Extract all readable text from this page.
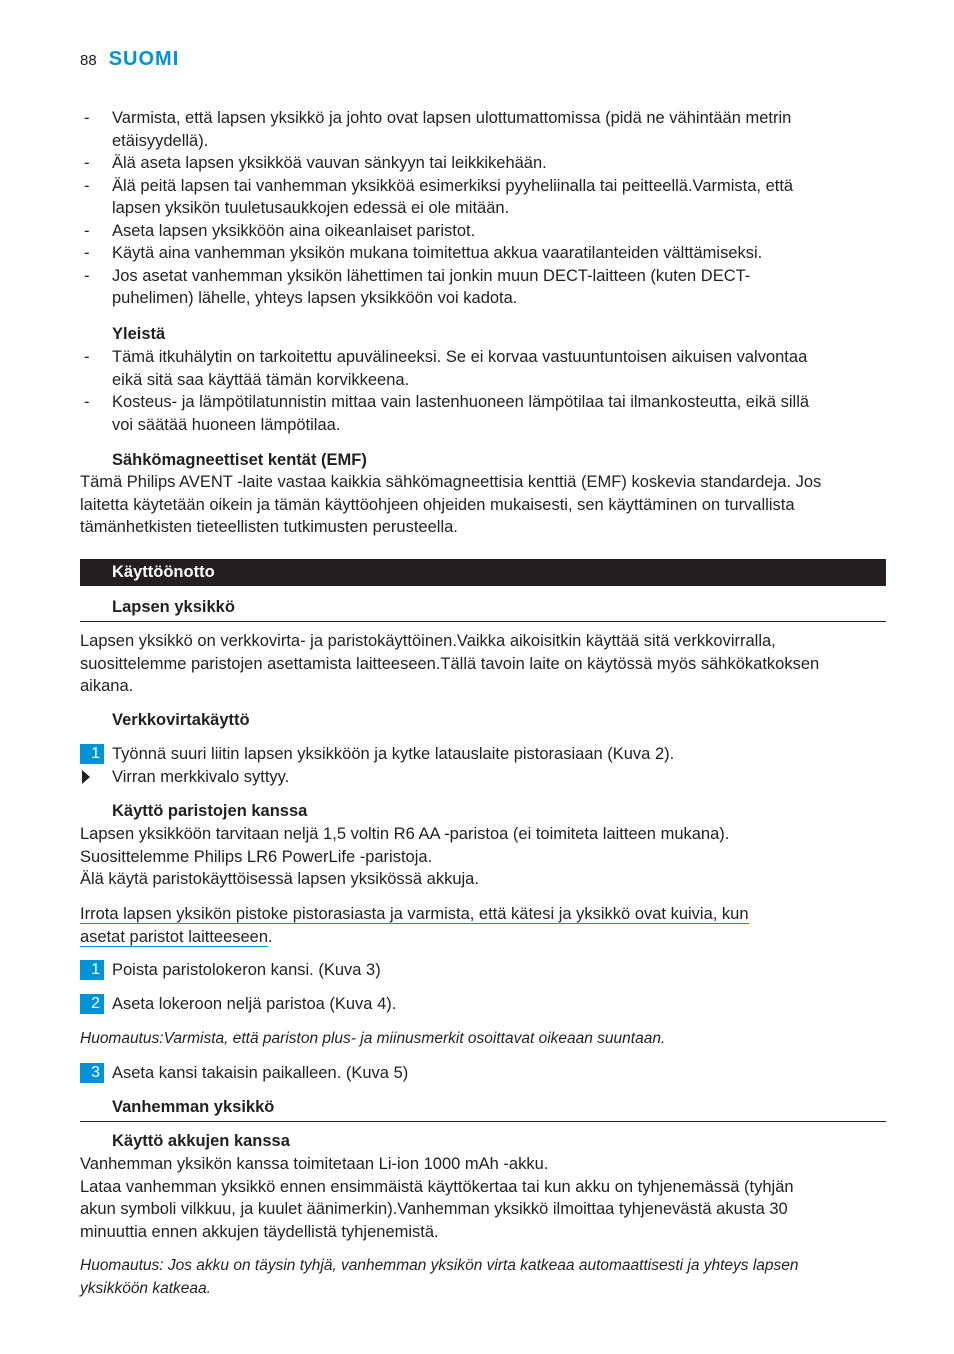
88 SUOMI
- Varmista, että lapsen yksikkö ja johto ovat lapsen ulottumattomissa (pidä ne vähintään metrin
etäisyydellä).
- Älä aseta lapsen yksikköä vauvan sänkyyn tai leikkikehään.
- Älä peitä lapsen tai vanhemman yksikköä esimerkiksi pyyheliinalla tai peitteellä.Varmista, että
lapsen yksikön tuuletusaukkojen edessä ei ole mitään.
- Aseta lapsen yksikköön aina oikeanlaiset paristot.
- Käytä aina vanhemman yksikön mukana toimitettua akkua vaaratilanteiden välttämiseksi.
- Jos asetat vanhemman yksikön lähettimen tai jonkin muun DECT-laitteen (kuten DECT-
puhelimen) lähelle, yhteys lapsen yksikköön voi kadota.
Yleistä
- Tämä itkuhälytin on tarkoitettu apuvälineeksi. Se ei korvaa vastuuntuntoisen aikuisen valvontaa
eikä sitä saa käyttää tämän korvikkeena.
- Kosteus- ja lämpötilatunnistin mittaa vain lastenhuoneen lämpötilaa tai ilmankosteutta, eikä sillä
voi säätää huoneen lämpötilaa.
Sähkömagneettiset kentät (EMF)
Tämä Philips AVENT -laite vastaa kaikkia sähkömagneettisia kenttiä (EMF) koskevia standardeja. Jos
laitetta käytetään oikein ja tämän käyttöohjeen ohjeiden mukaisesti, sen käyttäminen on turvallista
tämänhetkisten tieteellisten tutkimusten perusteella.
Käyttöönotto
Lapsen yksikkö
Lapsen yksikkö on verkkovirta- ja paristokäyttöinen.Vaikka aikoisitkin käyttää sitä verkkovirralla,
suosittelemme paristojen asettamista laitteeseen.Tällä tavoin laite on käytössä myös sähkökatkoksen
aikana.
Verkkovirtakäyttö
1 Työnnä suuri liitin lapsen yksikköön ja kytke latauslaite pistorasiaan (Kuva 2).
Virran merkkivalo syttyy.
Käyttö paristojen kanssa
Lapsen yksikköön tarvitaan neljä 1,5 voltin R6 AA -paristoa (ei toimiteta laitteen mukana).
Suosittelemme Philips LR6 PowerLife -paristoja.
Älä käytä paristokäyttöisessä lapsen yksikössä akkuja.
Irrota lapsen yksikön pistoke pistorasiasta ja varmista, että kätesi ja yksikkö ovat kuivia, kun
asetat paristot laitteeseen.
1 Poista paristolokeron kansi. (Kuva 3)
2 Aseta lokeroon neljä paristoa (Kuva 4).
Huomautus:Varmista, että pariston plus- ja miinusmerkit osoittavat oikeaan suuntaan.
3 Aseta kansi takaisin paikalleen. (Kuva 5)
Vanhemman yksikkö
Käyttö akkujen kanssa
Vanhemman yksikön kanssa toimitetaan Li-ion 1000 mAh -akku.
Lataa vanhemman yksikkö ennen ensimmäistä käyttökertaa tai kun akku on tyhjenemässä (tyhjän
akun symboli vilkkuu, ja kuulet äänimerkin).Vanhemman yksikkö ilmoittaa tyhjenevästä akusta 30
minuuttia ennen akkujen täydellistä tyhjenemistä.
Huomautus: Jos akku on täysin tyhjä, vanhemman yksikön virta katkeaa automaattisesti ja yhteys lapsen
yksikköön katkeaa.
